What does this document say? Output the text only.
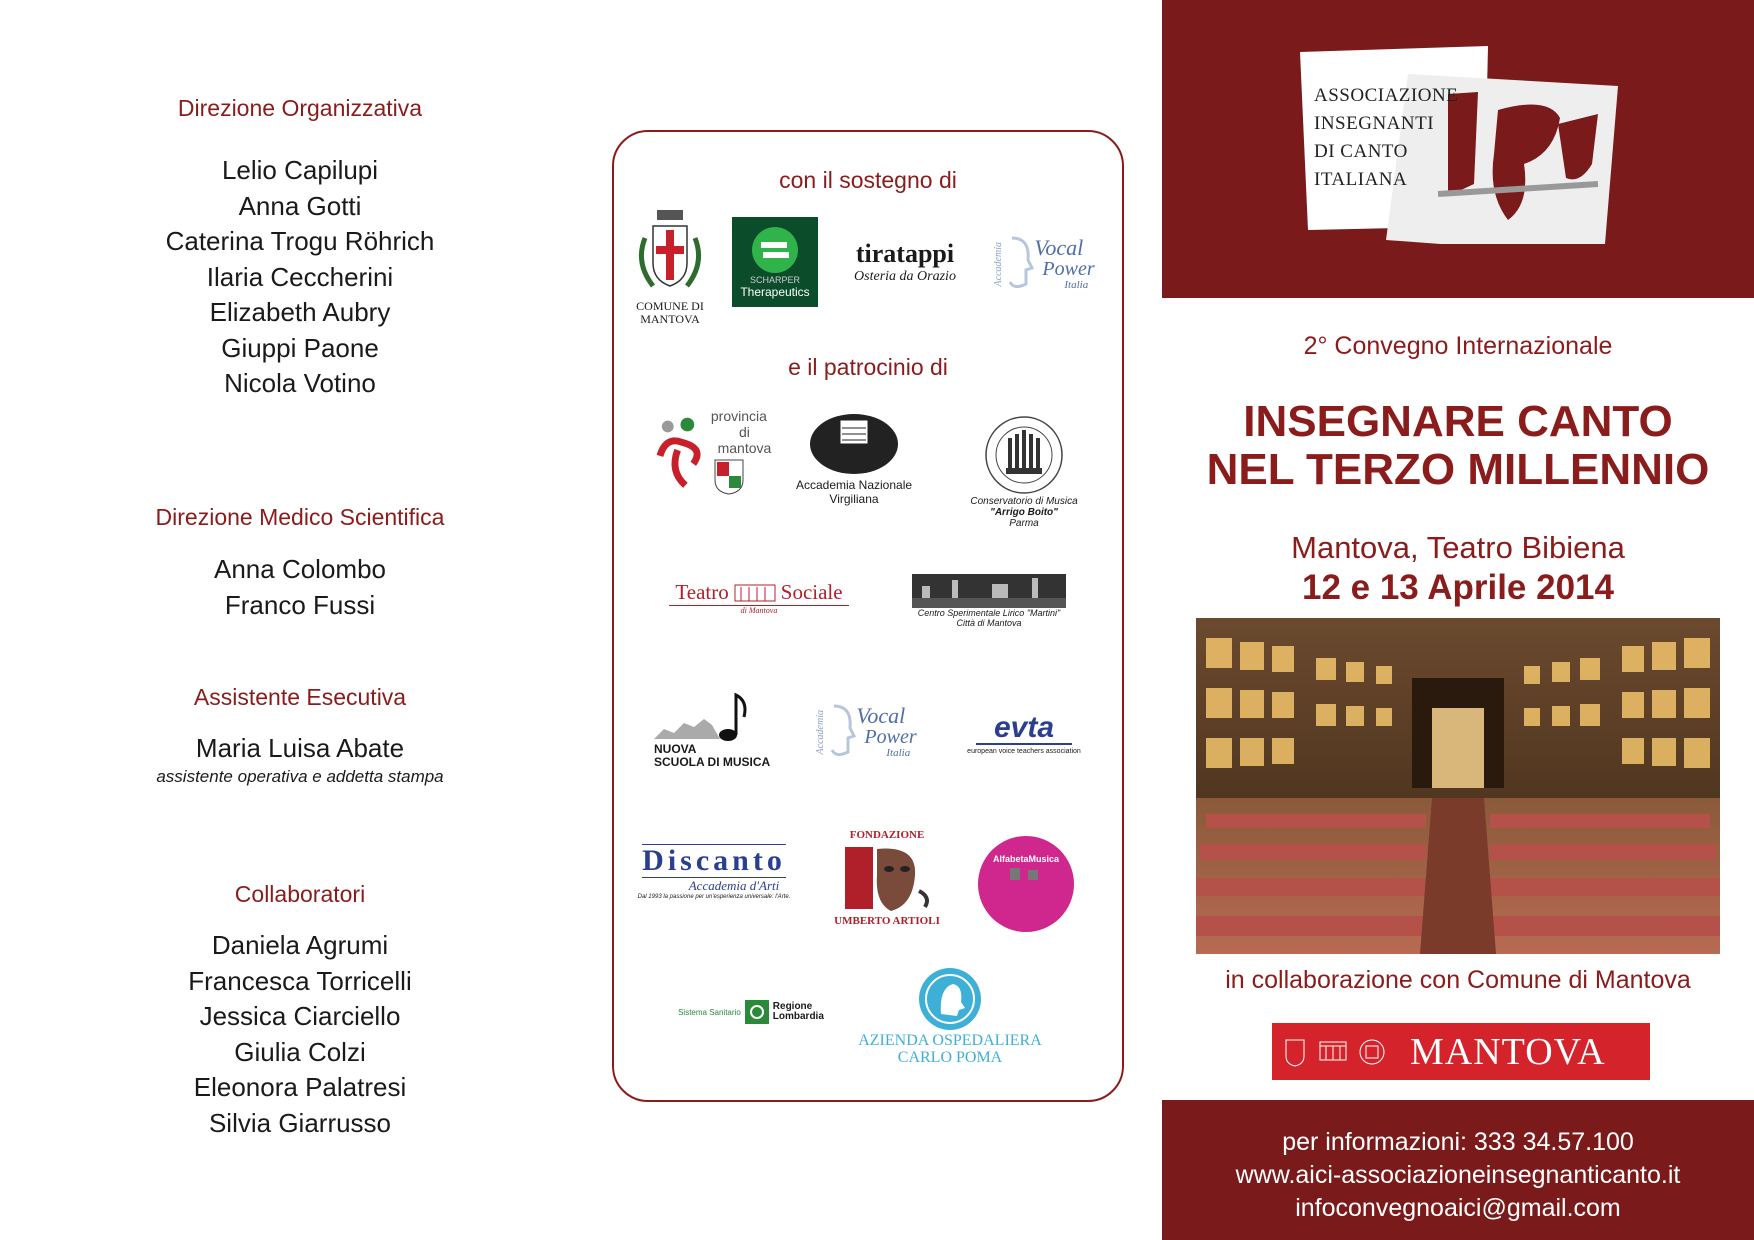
Direzione Organizzativa
Lelio Capilupi
Anna Gotti
Caterina Trogu Röhrich
Ilaria Ceccherini
Elizabeth Aubry
Giuppi Paone
Nicola Votino
Direzione Medico Scientifica
Anna Colombo
Franco Fussi
Assistente Esecutiva
Maria Luisa Abate
assistente operativa e addetta stampa
Collaboratori
Daniela Agrumi
Francesca Torricelli
Jessica Ciarciello
Giulia Colzi
Eleonora Palatresi
Silvia Giarrusso
con il sostegno di
COMUNE DI MANTOVA
SCHARPER
Therapeutics
tiratappi
Osteria da Orazio	Accademia Vocal
Power
Italia
e il patrocinio di
provincia
di mantova
Accademia Nazionale
Virgiliana	Conservatorio di Musica
"Arrigo Boito"
Parma
Teatro Sociale
di Mantova	Centro Sperimentale Lirico "Martini"
Città di Mantova
NUOVA
SCUOLA DI MUSICA
Accademia Vocal
Power
Italia
evta
european voice teachers association
Discanto
Accademia d'Arti
Dal 1993 la passione per un'esperienza universale: l'Arte.
FONDAZIONE
UMBERTO ARTIOLI
AlfabetaMusica
Sistema Sanitario	Regione
Lombardia
AZIENDA OSPEDALIERA
CARLO POMA
ASSOCIAZIONE
INSEGNANTI
DI CANTO
ITALIANA
2° Convegno Internazionale
INSEGNARE CANTO
NEL TERZO MILLENNIO
Mantova, Teatro Bibiena
12 e 13 Aprile 2014
in collaborazione con Comune di Mantova
MANTOVA
per informazioni: 333 34.57.100
www.aici-associazioneinsegnanticanto.it
infoconvegnoaici@gmail.com
